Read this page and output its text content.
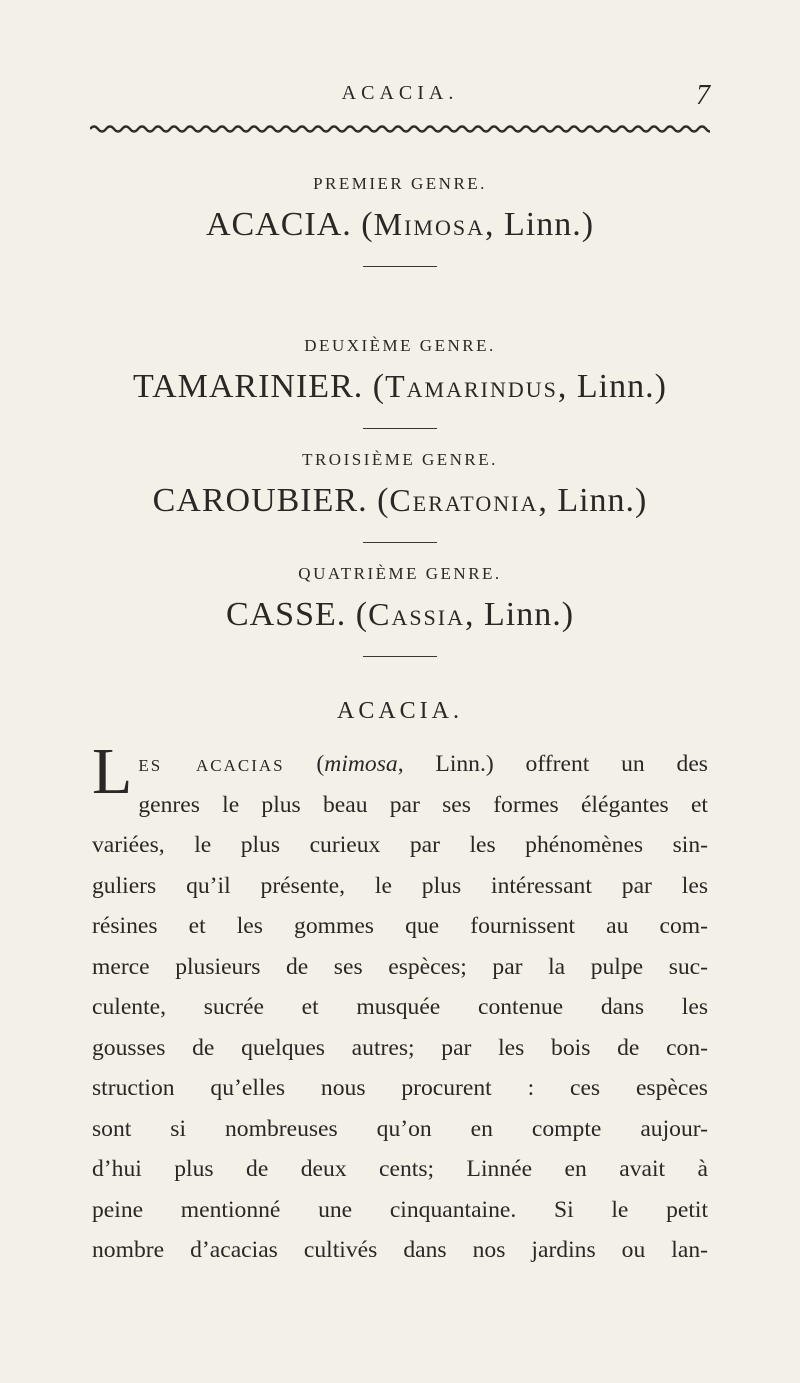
ACACIA.	7
PREMIER GENRE.
ACACIA. (Mimosa, Linn.)
DEUXIÈME GENRE.
TAMARINIER. (Tamarindus, Linn.)
TROISIÈME GENRE.
CAROUBIER. (Ceratonia, Linn.)
QUATRIÈME GENRE.
CASSE. (Cassia, Linn.)
ACACIA.
L es acacias (mimosa, Linn.) offrent un des
genres le plus beau par ses formes élégantes et
variées, le plus curieux par les phénomènes sin-
guliers qu’il présente, le plus intéressant par les
résines et les gommes que fournissent au com-
merce plusieurs de ses espèces; par la pulpe suc-
culente, sucrée et musquée contenue dans les
gousses de quelques autres; par les bois de con-
struction qu’elles nous procurent : ces espèces
sont si nombreuses qu’on en compte aujour-
d’hui plus de deux cents; Linnée en avait à
peine mentionné une cinquantaine. Si le petit
nombre d’acacias cultivés dans nos jardins ou lan-
